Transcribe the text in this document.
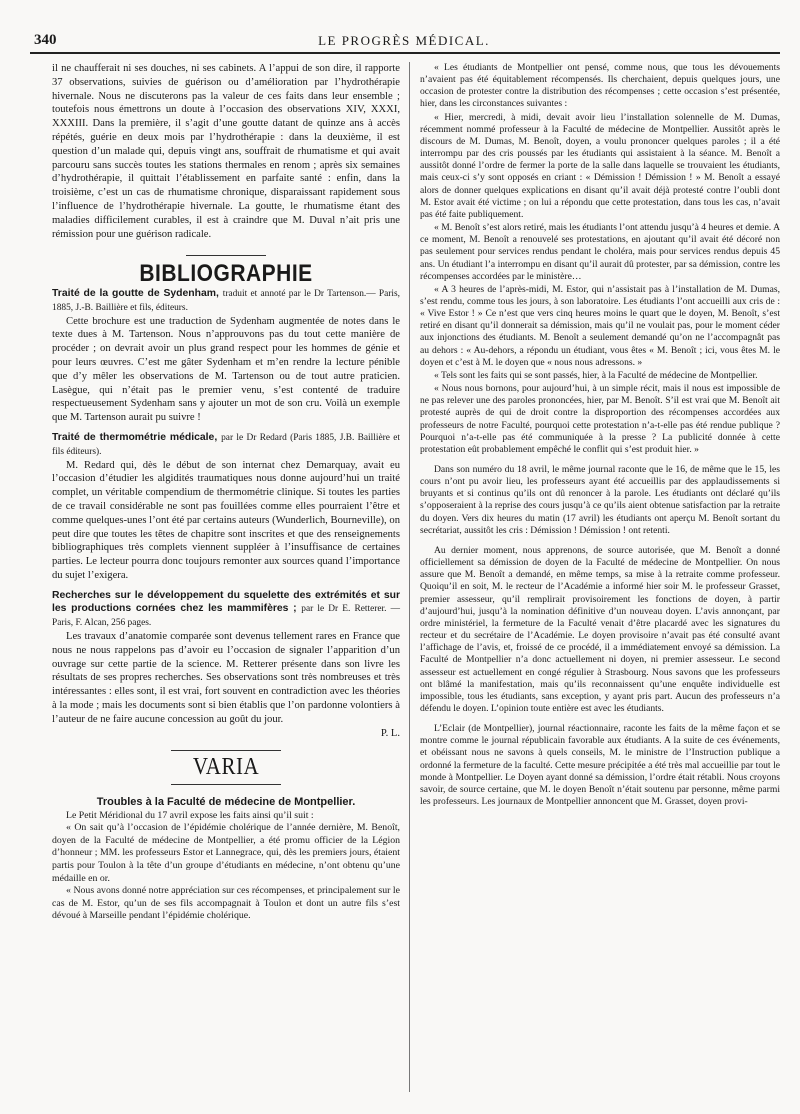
340	LE PROGRÈS MÉDICAL.

il ne chaufferait ni ses douches, ni ses cabinets. A l’appui de son dire, il rapporte 37 observations, suivies de guérison ou d’amélioration par l’hydrothérapie hivernale. Nous ne discuterons pas la valeur de ces faits dans leur ensemble ; toutefois nous émettrons un doute à l’occasion des observations XIV, XXXI, XXXIII. Dans la première, il s’agit d’une goutte datant de quinze ans à accès répétés, guérie en deux mois par l’hydrothérapie : dans la deuxième, il est question d’un malade qui, depuis vingt ans, souffrait de rhumatisme et qui avait parcouru sans succès toutes les stations thermales en renom ; après six semaines d’hydrothérapie, il quittait l’établissement en parfaite santé : enfin, dans la troisième, c’est un cas de rhumatisme chronique, disparaissant rapidement sous l’influence de l’hydrothérapie hivernale. La goutte, le rhumatisme étant des maladies difficilement curables, il est à craindre que M. Duval n’ait pris une rémission pour une guérison radicale.

BIBLIOGRAPHIE
Traité de la goutte de Sydenham, traduit et annoté par le Dr Tartenson.— Paris, 1885, J.-B. Baillière et fils, éditeurs.

Cette brochure est une traduction de Sydenham augmentée de notes dans le texte dues à M. Tartenson. Nous n’approuvons pas du tout cette manière de procéder ; on devrait avoir un plus grand respect pour les hommes de génie et pour leurs œuvres. C’est me gâter Sydenham et m’en rendre la lecture pénible que d’y mêler les observations de M. Tartenson ou de tout autre praticien. Lasègue, qui n’était pas le premier venu, s’est contenté de traduire respectueusement Sydenham sans y ajouter un mot de son cru. Voilà un exemple que M. Tartenson aurait pu suivre !

Traité de thermométrie médicale, par le Dr Redard (Paris 1885, J.B. Baillière et fils éditeurs).

M. Redard qui, dès le début de son internat chez Demarquay, avait eu l’occasion d’étudier les algidités traumatiques nous donne aujourd’hui un traité complet, un véritable compendium de thermométrie clinique. Si toutes les parties de ce travail considérable ne sont pas fouillées comme elles pourraient l’être et comme quelques-unes l’ont été par certains auteurs (Wunderlich, Bourneville), on peut dire que toutes les têtes de chapitre sont inscrites et que des renseignements bibliographiques très complets viennent suppléer à l’insuffisance de certaines parties. Le lecteur pourra donc toujours remonter aux sources quand l’importance du sujet l’exigera.

Recherches sur le développement du squelette des extrémités et sur les productions cornées chez les mammifères ; par le Dr E. Retterer. — Paris, F. Alcan, 256 pages.

Les travaux d’anatomie comparée sont devenus tellement rares en France que nous ne nous rappelons pas d’avoir eu l’occasion de signaler l’apparition d’un ouvrage sur cette partie de la science. M. Retterer présente dans son livre les résultats de ses propres recherches. Ses observations sont très nombreuses et très intéressantes : elles sont, il est vrai, fort souvent en contradiction avec les théories à la mode ; mais les documents sont si bien établis que l’on pardonne volontiers à l’auteur de ne faire aucune concession au goût du jour.

P. L.

VARIA
Troubles à la Faculté de médecine de Montpellier.

Le Petit Méridional du 17 avril expose les faits ainsi qu’il suit :

« On sait qu’à l’occasion de l’épidémie cholérique de l’année dernière, M. Benoît, doyen de la Faculté de médecine de Montpellier, a été promu officier de la Légion d’honneur ; MM. les professeurs Estor et Lannegrace, qui, dès les premiers jours, étaient partis pour Toulon à la tête d’un groupe d’étudiants en médecine, n’ont obtenu qu’une médaille en or.

« Nous avons donné notre appréciation sur ces récompenses, et principalement sur le cas de M. Estor, qu’un de ses fils accompagnait à Toulon et dont un autre fils s’est dévoué à Marseille pendant l’épidémie cholérique.

« Les étudiants de Montpellier ont pensé, comme nous, que tous les dévouements n’avaient pas été équitablement récompensés. Ils cherchaient, depuis quelques jours, une occasion de protester contre la distribution des récompenses ; cette occasion s’est présentée, hier, dans les circonstances suivantes :

« Hier, mercredi, à midi, devait avoir lieu l’installation solennelle de M. Dumas, récemment nommé professeur à la Faculté de médecine de Montpellier. Aussitôt après le discours de M. Dumas, M. Benoît, doyen, a voulu prononcer quelques paroles ; il a été interrompu par des cris poussés par les étudiants qui assistaient à la séance. M. Benoît a aussitôt donné l’ordre de fermer la porte de la salle dans laquelle se trouvaient les étudiants, mais ceux-ci s’y sont opposés en criant : « Démission ! Démission ! » M. Benoît a essayé alors de donner quelques explications en disant qu’il avait déjà protesté contre l’oubli dont M. Estor avait été victime ; on lui a répondu que cette protestation, dans tous les cas, n’avait pas été faite publiquement.

« M. Benoît s’est alors retiré, mais les étudiants l’ont attendu jusqu’à 4 heures et demie. A ce moment, M. Benoît a renouvelé ses protestations, en ajoutant qu’il avait été décoré non pas seulement pour services rendus pendant le choléra, mais pour services rendus depuis 45 ans. Un étudiant l’a interrompu en disant qu’il aurait dû protester, par sa démission, contre les récompenses accordées par le ministère…

« A 3 heures de l’après-midi, M. Estor, qui n’assistait pas à l’installation de M. Dumas, s’est rendu, comme tous les jours, à son laboratoire. Les étudiants l’ont accueilli aux cris de : « Vive Estor ! » Ce n’est que vers cinq heures moins le quart que le doyen, M. Benoît, s’est retiré en disant qu’il donnerait sa démission, mais qu’il ne voulait pas, pour le moment céder aux injonctions des étudiants. M. Benoît a seulement demandé qu’on ne l’accompagnât pas au dehors : « Au-dehors, a répondu un étudiant, vous êtes « M. Benoît ; ici, vous êtes M. le doyen et c’est à M. le doyen que « nous nous adressons. »

« Tels sont les faits qui se sont passés, hier, à la Faculté de médecine de Montpellier.

« Nous nous bornons, pour aujourd’hui, à un simple récit, mais il nous est impossible de ne pas relever une des paroles prononcées, hier, par M. Benoît. S’il est vrai que M. Benoît ait protesté auprès de qui de droit contre la disproportion des récompenses accordées aux professeurs de notre Faculté, pourquoi cette protestation n’a-t-elle pas été rendue publique ? Pourquoi n’a-t-elle pas été communiquée à la presse ? La publicité donnée à cette protestation eût probablement empêché le conflit qui s’est produit hier. »

Dans son numéro du 18 avril, le même journal raconte que le 16, de même que le 15, les cours n’ont pu avoir lieu, les professeurs ayant été accueillis par des applaudissements si bruyants et si continus qu’ils ont dû renoncer à la parole. Les étudiants ont déclaré qu’ils s’opposeraient à la reprise des cours jusqu’à ce qu’ils aient obtenue satisfaction par la retraite du doyen. Vers dix heures du matin (17 avril) les étudiants ont aperçu M. Benoît sortant du secrétariat, aussitôt les cris : Démission ! Démission ! ont retenti.

Au dernier moment, nous apprenons, de source autorisée, que M. Benoît a donné officiellement sa démission de doyen de la Faculté de médecine de Montpellier. On nous assure que M. Benoît a demandé, en même temps, sa mise à la retraite comme professeur. Quoiqu’il en soit, M. le recteur de l’Académie a informé hier soir M. le professeur Grasset, premier assesseur, qu’il remplirait provisoirement les fonctions de doyen, à partir d’aujourd’hui, jusqu’à la nomination définitive d’un nouveau doyen. L’avis annonçant, par ordre ministériel, la fermeture de la Faculté venait d’être placardé avec les signatures du recteur et du secrétaire de l’Académie. Le doyen provisoire n’avait pas été consulté avant l’affichage de l’avis, et, froissé de ce procédé, il a immédiatement envoyé sa démission. La Faculté de Montpellier n’a donc actuellement ni doyen, ni premier assesseur. Le second assesseur est actuellement en congé régulier à Strasbourg. Nous savons que les professeurs ont blâmé la manifestation, mais qu’ils reconnaissent qu’une enquête individuelle est impossible, tous les étudiants, sans exception, y ayant pris part. Aucun des professeurs n’a défendu le doyen. L’opinion toute entière est avec les étudiants.

L’Eclair (de Montpellier), journal réactionnaire, raconte les faits de la même façon et se montre comme le journal républicain favorable aux étudiants. A la suite de ces événements, et obéissant nous ne savons à quels conseils, M. le ministre de l’Instruction publique a ordonné la fermeture de la faculté. Cette mesure précipitée a été très mal accueillie par tout le monde à Montpellier. Le Doyen ayant donné sa démission, l’ordre était rétabli. Nous croyons savoir, de source certaine, que M. le doyen Benoît n’était soutenu par personne, même parmi les professeurs. Les journaux de Montpellier annoncent que M. Grasset, doyen provi-
